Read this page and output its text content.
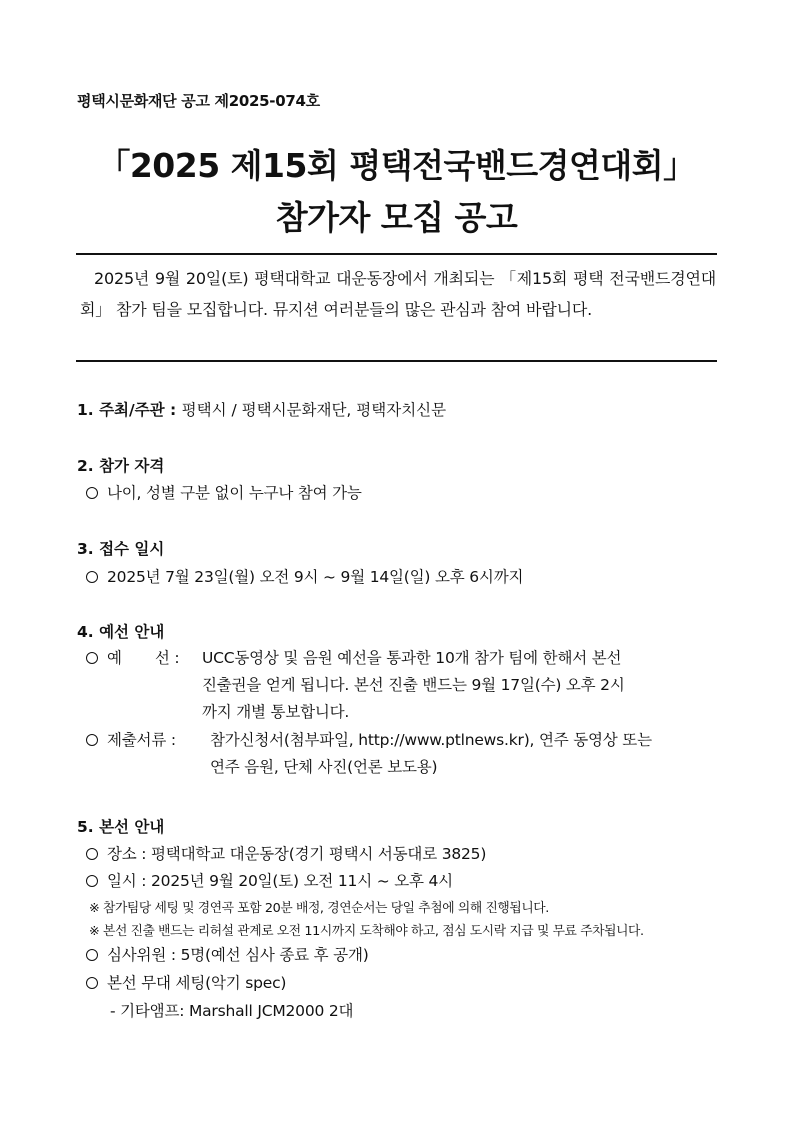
평택시문화재단 공고 제2025-074호
「2025 제15회 평택전국밴드경연대회」
참가자 모집 공고
2025년 9월 20일(토) 평택대학교 대운동장에서 개최되는 「제15회 평택 전국밴드경연대회」 참가 팀을 모집합니다. 뮤지션 여러분들의 많은 관심과 참여 바랍니다.
1. 주최/주관 : 평택시 / 평택시문화재단, 평택자치신문
2. 참가 자격
나이, 성별 구분 없이 누구나 참여 가능
3. 접수 일시
2025년 7월 23일(월) 오전 9시 ~ 9월 14일(일) 오후 6시까지
4. 예선 안내
예       선 : UCC동영상 및 음원 예선을 통과한 10개 참가 팀에 한해서 본선
진출권을 얻게 됩니다. 본선 진출 밴드는 9월 17일(수) 오후 2시
까지 개별 통보합니다.
제출서류 : 참가신청서(첨부파일, http://www.ptlnews.kr), 연주 동영상 또는
연주 음원, 단체 사진(언론 보도용)
5. 본선 안내
장소 : 평택대학교 대운동장(경기 평택시 서동대로 3825)
일시 : 2025년 9월 20일(토) 오전 11시 ~ 오후 4시
※ 참가팀당 세팅 및 경연곡 포함 20분 배정, 경연순서는 당일 추첨에 의해 진행됩니다.
※ 본선 진출 밴드는 리허설 관계로 오전 11시까지 도착해야 하고, 점심 도시락 지급 및 무료 주차됩니다.
심사위원 : 5명(예선 심사 종료 후 공개)
본선 무대 세팅(악기 spec)
- 기타앰프: Marshall JCM2000 2대
